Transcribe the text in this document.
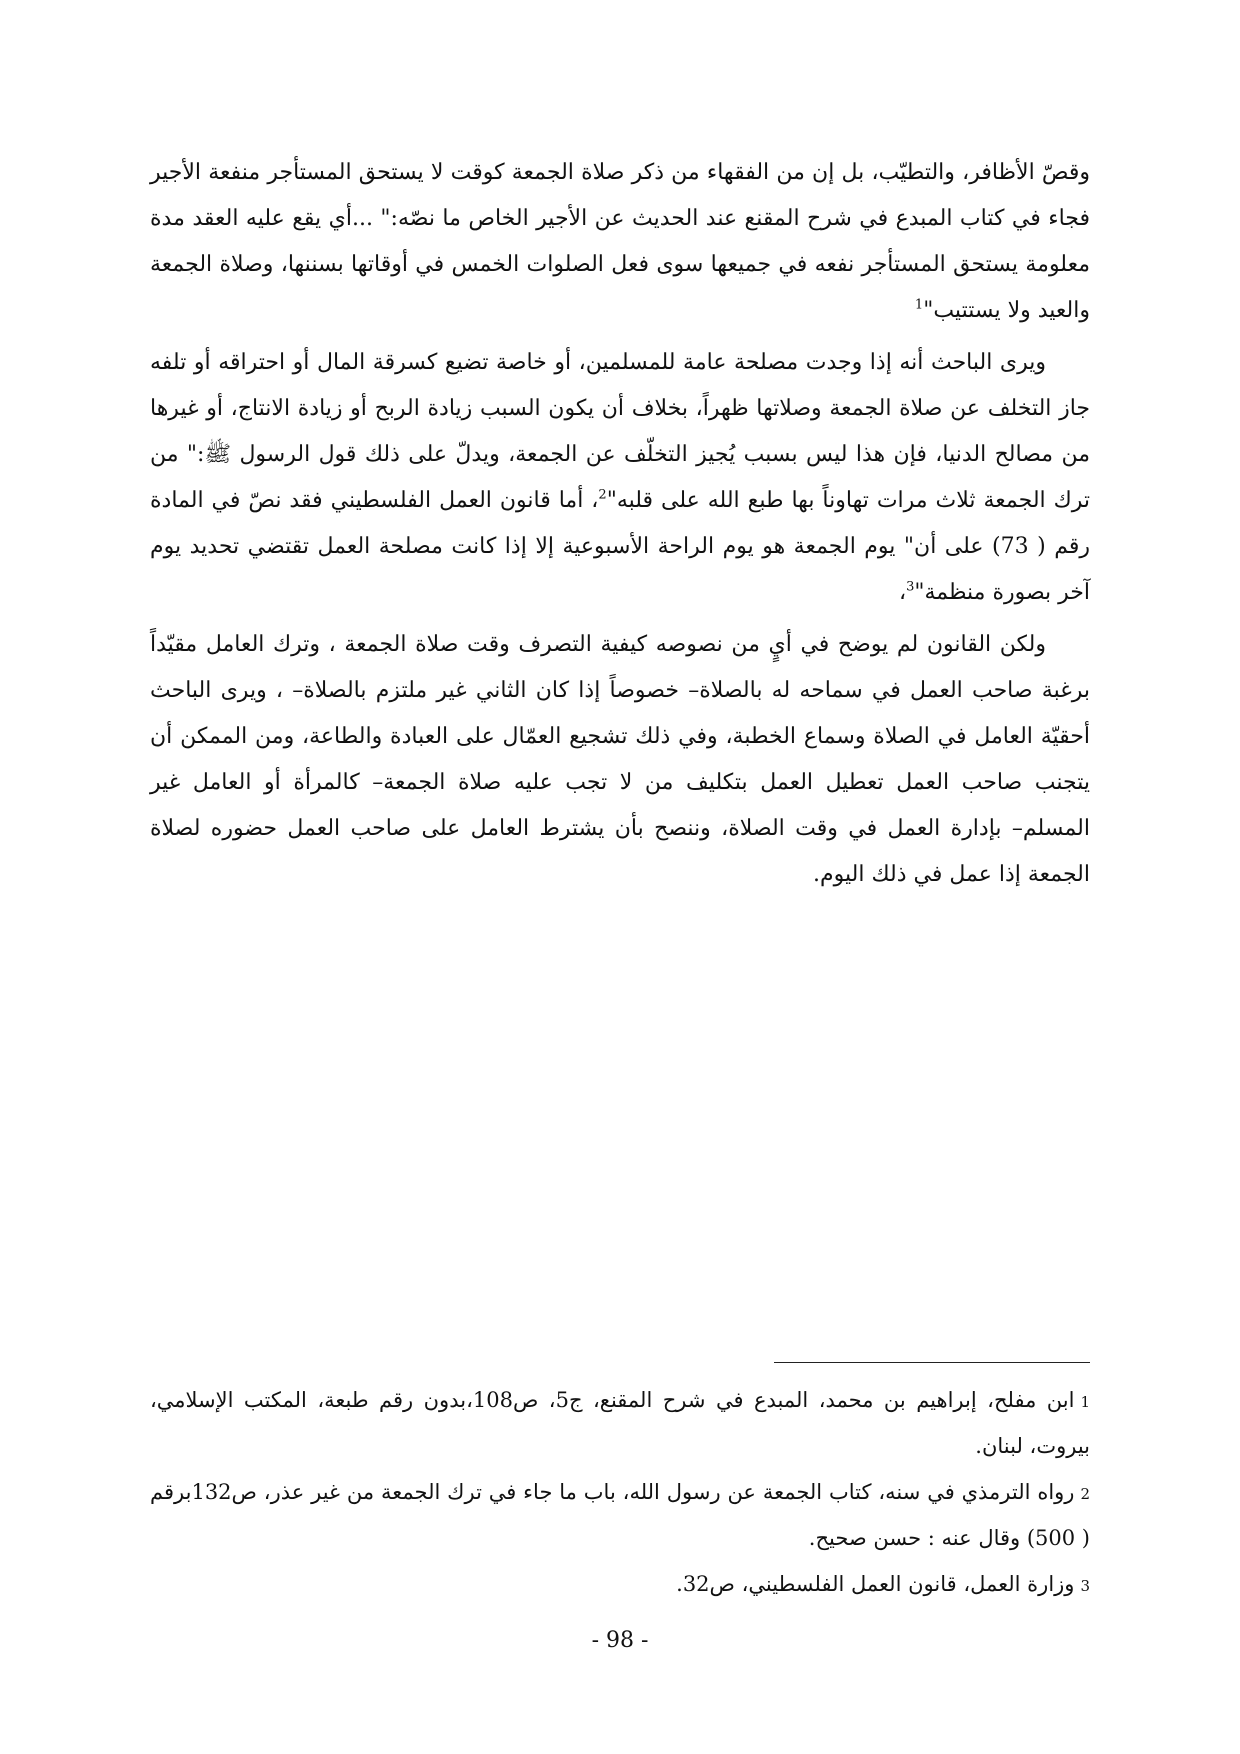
وقصّ الأظافر، والتطيّب، بل إن من الفقهاء من ذكر صلاة الجمعة كوقت لا يستحق المستأجر منفعة الأجير فجاء في كتاب المبدع في شرح المقنع عند الحديث عن الأجير الخاص ما نصّه:" ...أي يقع عليه العقد مدة معلومة يستحق المستأجر نفعه في جميعها سوى فعل الصلوات الخمس في أوقاتها بسننها، وصلاة الجمعة والعيد ولا يستتيب"$^1$

ويرى الباحث أنه إذا وجدت مصلحة عامة للمسلمين، أو خاصة تضيع كسرقة المال أو احتراقه أو تلفه جاز التخلف عن صلاة الجمعة وصلاتها ظهراً، بخلاف أن يكون السبب زيادة الربح أو زيادة الانتاج، أو غيرها من مصالح الدنيا، فإن هذا ليس بسبب يُجيز التخلّف عن الجمعة، ويدلّ على ذلك قول الرسول ﷺ:" من ترك الجمعة ثلاث مرات تهاوناً بها طبع الله على قلبه"$^2$، أما قانون العمل الفلسطيني فقد نصّ في المادة رقم ( 73) على أن" يوم الجمعة هو يوم الراحة الأسبوعية إلا إذا كانت مصلحة العمل تقتضي تحديد يوم آخر بصورة منظمة"$^3$،

ولكن القانون لم يوضح في أيٍ من نصوصه كيفية التصرف وقت صلاة الجمعة ، وترك العامل مقيّداً برغبة صاحب العمل في سماحه له بالصلاة– خصوصاً إذا كان الثاني غير ملتزم بالصلاة– ، ويرى الباحث أحقيّة العامل في الصلاة وسماع الخطبة، وفي ذلك تشجيع العمّال على العبادة والطاعة، ومن الممكن أن يتجنب صاحب العمل تعطيل العمل بتكليف من لا تجب عليه صلاة الجمعة– كالمرأة أو العامل غير المسلم– بإدارة العمل في وقت الصلاة، وننصح بأن يشترط العامل على صاحب العمل حضوره لصلاة الجمعة إذا عمل في ذلك اليوم.

1ابن مفلح، إبراهيم بن محمد، المبدع في شرح المقنع، ج5، ص108،بدون رقم طبعة، المكتب الإسلامي، بيروت، لبنان.

2رواه الترمذي في سنه، كتاب الجمعة عن رسول الله، باب ما جاء في ترك الجمعة من غير عذر، ص132برقم ( 500) وقال عنه : حسن صحيح.

3وزارة العمل، قانون العمل الفلسطيني، ص32.

- 98 -
